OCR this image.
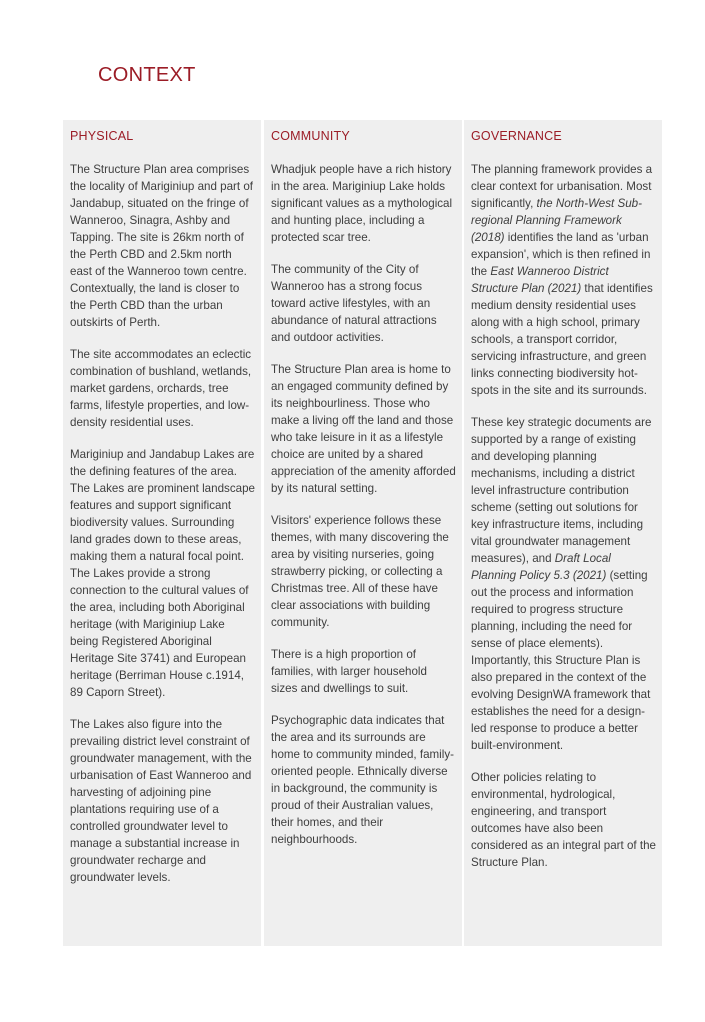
CONTEXT
PHYSICAL

The Structure Plan area comprises the locality of Mariginiup and part of Jandabup, situated on the fringe of Wanneroo, Sinagra, Ashby and Tapping. The site is 26km north of the Perth CBD and 2.5km north east of the Wanneroo town centre. Contextually, the land is closer to the Perth CBD than the urban outskirts of Perth.

The site accommodates an eclectic combination of bushland, wetlands, market gardens, orchards, tree farms, lifestyle properties, and low-density residential uses.

Mariginiup and Jandabup Lakes are the defining features of the area. The Lakes are prominent landscape features and support significant biodiversity values. Surrounding land grades down to these areas, making them a natural focal point. The Lakes provide a strong connection to the cultural values of the area, including both Aboriginal heritage (with Mariginiup Lake being Registered Aboriginal Heritage Site 3741) and European heritage (Berriman House c.1914, 89 Caporn Street).

The Lakes also figure into the prevailing district level constraint of groundwater management, with the urbanisation of East Wanneroo and harvesting of adjoining pine plantations requiring use of a controlled groundwater level to manage a substantial increase in groundwater recharge and groundwater levels.

COMMUNITY

Whadjuk people have a rich history in the area. Mariginiup Lake holds significant values as a mythological and hunting place, including a protected scar tree.

The community of the City of Wanneroo has a strong focus toward active lifestyles, with an abundance of natural attractions and outdoor activities.

The Structure Plan area is home to an engaged community defined by its neighbourliness. Those who make a living off the land and those who take leisure in it as a lifestyle choice are united by a shared appreciation of the amenity afforded by its natural setting.

Visitors' experience follows these themes, with many discovering the area by visiting nurseries, going strawberry picking, or collecting a Christmas tree. All of these have clear associations with building community.

There is a high proportion of families, with larger household sizes and dwellings to suit.

Psychographic data indicates that the area and its surrounds are home to community minded, family-oriented people. Ethnically diverse in background, the community is proud of their Australian values, their homes, and their neighbourhoods.

GOVERNANCE

The planning framework provides a clear context for urbanisation. Most significantly, the North-West Sub-regional Planning Framework (2018) identifies the land as 'urban expansion', which is then refined in the East Wanneroo District Structure Plan (2021) that identifies medium density residential uses along with a high school, primary schools, a transport corridor, servicing infrastructure, and green links connecting biodiversity hot-spots in the site and its surrounds.

These key strategic documents are supported by a range of existing and developing planning mechanisms, including a district level infrastructure contribution scheme (setting out solutions for key infrastructure items, including vital groundwater management measures), and Draft Local Planning Policy 5.3 (2021) (setting out the process and information required to progress structure planning, including the need for sense of place elements). Importantly, this Structure Plan is also prepared in the context of the evolving DesignWA framework that establishes the need for a design-led response to produce a better built-environment.

Other policies relating to environmental, hydrological, engineering, and transport outcomes have also been considered as an integral part of the Structure Plan.
